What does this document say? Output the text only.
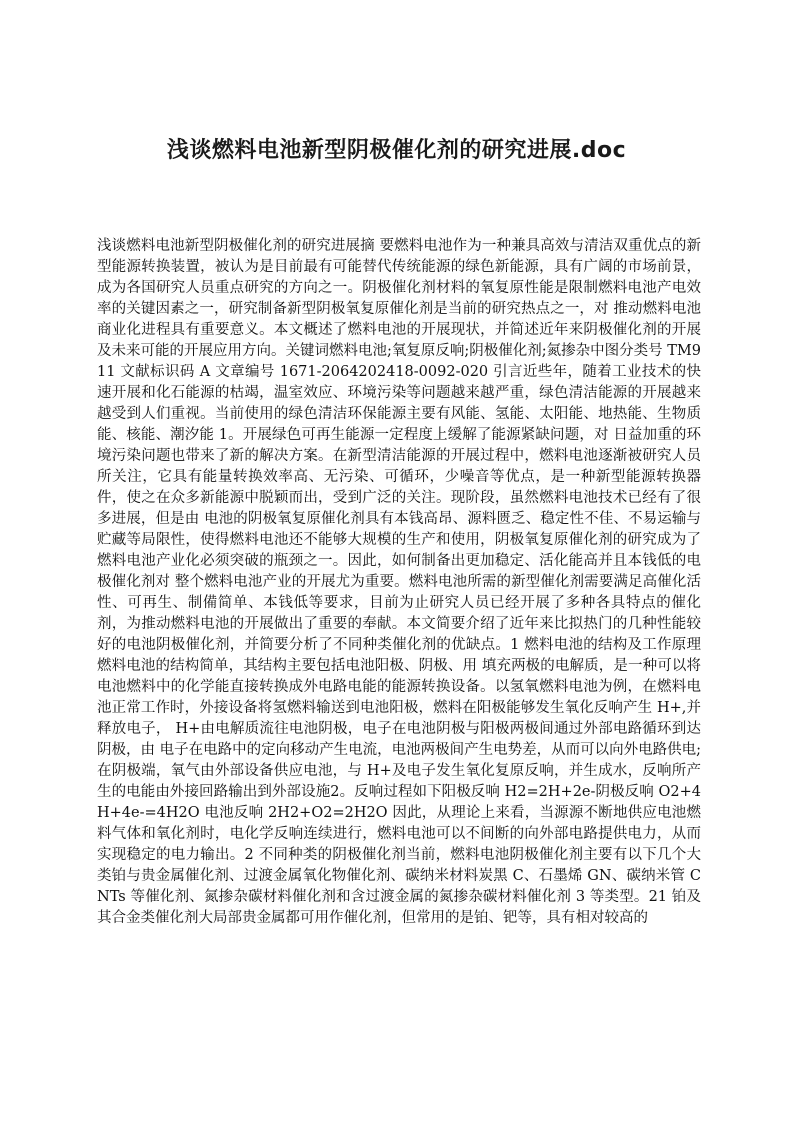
浅谈燃料电池新型阴极催化剂的研究进展.doc

浅谈燃料电池新型阴极催化剂的研究进展摘 要燃料电池作为一种兼具高效与清洁双重优点的新型能源转换装置，被认为是目前最有可能替代传统能源的绿色新能源，具有广阔的市场前景，成为各国研究人员重点研究的方向之一。阴极催化剂材料的氧复原性能是限制燃料电池产电效率的关键因素之一，研究制备新型阴极氧复原催化剂是当前的研究热点之一，对 推动燃料电池商业化进程具有重要意义。本文概述了燃料电池的开展现状，并简述近年来阴极催化剂的开展及未来可能的开展应用方向。关键词燃料电池;氧复原反响;阴极催化剂;氮掺杂中图分类号 TM911 文献标识码 A 文章编号 1671-2064202418-0092-020 引言近些年，随着工业技术的快速开展和化石能源的枯竭，温室效应、环境污染等问题越来越严重，绿色清洁能源的开展越来越受到人们重视。当前使用的绿色清洁环保能源主要有风能、氢能、太阳能、地热能、生物质能、核能、潮汐能 1。开展绿色可再生能源一定程度上缓解了能源紧缺问题，对 日益加重的环境污染问题也带来了新的解决方案。在新型清洁能源的开展过程中，燃料电池逐渐被研究人员所关注，它具有能量转换效率高、无污染、可循环，少噪音等优点，是一种新型能源转换器件，使之在众多新能源中脱颖而出，受到广泛的关注。现阶段，虽然燃料电池技术已经有了很多进展，但是由 电池的阴极氧复原催化剂具有本钱高昂、源料匮乏、稳定性不佳、不易运输与贮藏等局限性，使得燃料电池还不能够大规模的生产和使用，阴极氧复原催化剂的研究成为了燃料电池产业化必须突破的瓶颈之一。因此，如何制备出更加稳定、活化能高并且本钱低的电极催化剂对 整个燃料电池产业的开展尤为重要。燃料电池所需的新型催化剂需要满足高催化活性、可再生、制備简单、本钱低等要求，目前为止研究人员已经开展了多种各具特点的催化剂，为推动燃料电池的开展做出了重要的奉献。本文简要介绍了近年来比拟热门的几种性能较好的电池阴极催化剂，并简要分析了不同种类催化剂的优缺点。1 燃料电池的结构及工作原理燃料电池的结构简单，其结构主要包括电池阳极、阴极、用 填充两极的电解质，是一种可以将电池燃料中的化学能直接转换成外电路电能的能源转换设备。以氢氧燃料电池为例，在燃料电池正常工作时，外接设备将氢燃料输送到电池阳极，燃料在阳极能够发生氧化反响产生 H+,并释放电子， H+由电解质流往电池阴极，电子在电池阴极与阳极两极间通过外部电路循环到达阴极，由 电子在电路中的定向移动产生电流，电池两极间产生电势差，从而可以向外电路供电;在阴极端，氧气由外部设备供应电池，与 H+及电子发生氧化复原反响，并生成水，反响所产生的电能由外接回路输出到外部设施2。反响过程如下阳极反响 H2=2H+2e-阴极反响 O2+4H+4e-=4H2O 电池反响 2H2+O2=2H2O 因此，从理论上来看，当源源不断地供应电池燃料气体和氧化剂时，电化学反响连续进行，燃料电池可以不间断的向外部电路提供电力，从而实现稳定的电力输出。2 不同种类的阴极催化剂当前，燃料电池阴极催化剂主要有以下几个大类铂与贵金属催化剂、过渡金属氧化物催化剂、碳纳米材料炭黑 C、石墨烯 GN、碳纳米管 CNTs 等催化剂、氮掺杂碳材料催化剂和含过渡金属的氮掺杂碳材料催化剂 3 等类型。21 铂及其合金类催化剂大局部贵金属都可用作催化剂，但常用的是铂、钯等，具有相对较高的
